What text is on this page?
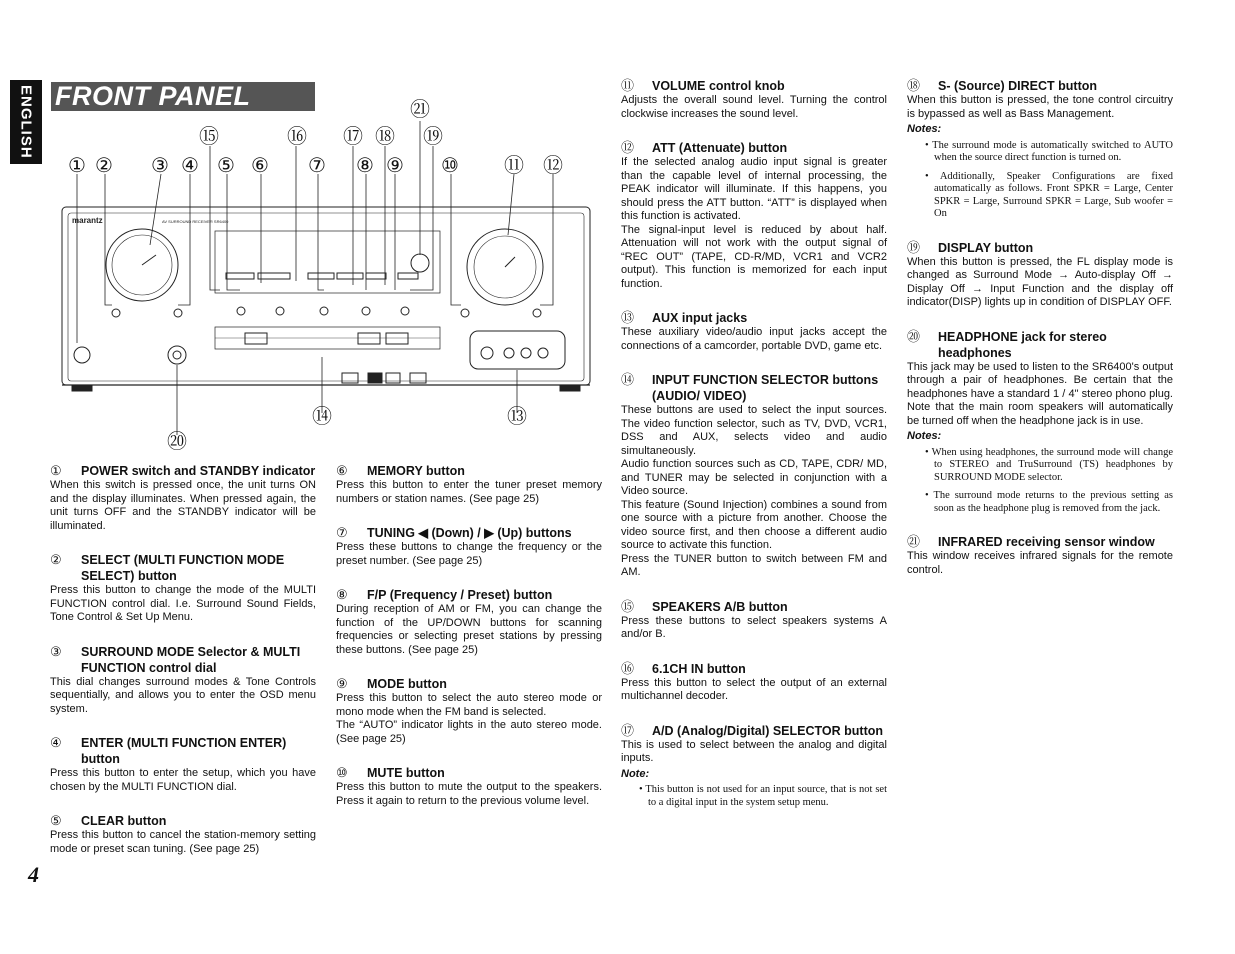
ENGLISH FRONT PANEL
marantz	AV SURROUND RECEIVER SR6400
① ② ③ ④ ⑤ ⑥ ⑦ ⑧ ⑨ ⑩ ⑪ ⑫
⑬
⑭
⑮	⑯ ⑰ ⑱ ⑲
⑳
㉑
①	POWER switch and STANDBY indicator
When this switch is pressed once, the unit turns ON and the display illuminates. When pressed again, the unit turns OFF and the STANDBY indicator will be illuminated.
②	SELECT (MULTI FUNCTION MODE SELECT) button
Press this button to change the mode of the MULTI FUNCTION control dial. I.e. Surround Sound Fields, Tone Control & Set Up Menu.
③	SURROUND MODE Selector & MULTI FUNCTION control dial
This dial changes surround modes & Tone Controls sequentially, and allows you to enter the OSD menu system.
④	ENTER (MULTI FUNCTION ENTER) button
Press this button to enter the setup, which you have chosen by the MULTI FUNCTION dial.
⑤	CLEAR button
Press this button to cancel the station-memory setting mode or preset scan tuning. (See page 25)
⑥	MEMORY button
Press this button to enter the tuner preset memory numbers or station names. (See page 25)
⑦	TUNING ◀ (Down) / ▶ (Up) buttons
Press these buttons to change the frequency or the preset number. (See page 25)
⑧	F/P (Frequency / Preset) button
During reception of AM or FM, you can change the function of the UP/DOWN buttons for scanning frequencies or selecting preset stations by pressing these buttons. (See page 25)
⑨	MODE button
Press this button to select the auto stereo mode or mono mode when the FM band is selected.
The “AUTO” indicator lights in the auto stereo mode. (See page 25)
⑩	MUTE button
Press this button to mute the output to the speakers. Press it again to return to the previous volume level.
⑪	VOLUME control knob
Adjusts the overall sound level. Turning the control clockwise increases the sound level.
⑫	ATT (Attenuate) button
If the selected analog audio input signal is greater than the capable level of internal processing, the PEAK indicator will illuminate. If this happens, you should press the ATT button. “ATT” is displayed when this function is activated.
The signal-input level is reduced by about half. Attenuation will not work with the output signal of “REC OUT” (TAPE, CD-R/MD, VCR1 and VCR2 output). This function is memorized for each input function.
⑬	AUX input jacks
These auxiliary video/audio input jacks accept the connections of a camcorder, portable DVD, game etc.
⑭	INPUT FUNCTION SELECTOR buttons (AUDIO/ VIDEO)
These buttons are used to select the input sources. The video function selector, such as TV, DVD, VCR1, DSS and AUX, selects video and audio simultaneously.
Audio function sources such as CD, TAPE, CDR/ MD, and TUNER may be selected in conjunction with a Video source.
This feature (Sound Injection) combines a sound from one source with a picture from another. Choose the video source first, and then choose a different audio source to activate this function.
Press the TUNER button to switch between FM and AM.
⑮	SPEAKERS A/B button
Press these buttons to select speakers systems A and/or B.
⑯	6.1CH IN button
Press this button to select the output of an external multichannel decoder.
⑰	A/D (Analog/Digital) SELECTOR button
This is used to select between the analog and digital inputs.
Note:
• This button is not used for an input source, that is not set to a digital input in the system setup menu.
⑱	S- (Source) DIRECT button
When this button is pressed, the tone control circuitry is bypassed as well as Bass Management.
Notes:
• The surround mode is automatically switched to AUTO when the source direct function is turned on.
• Additionally, Speaker Configurations are fixed automatically as follows. Front SPKR = Large, Center SPKR = Large, Surround SPKR = Large, Sub woofer = On
⑲	DISPLAY button
When this button is pressed, the FL display mode is changed as Surround Mode → Auto-display Off → Display Off → Input Function and the display off indicator(DISP) lights up in condition of DISPLAY OFF.
⑳	HEADPHONE jack for stereo headphones
This jack may be used to listen to the SR6400's output through a pair of headphones. Be certain that the headphones have a standard 1 / 4" stereo phono plug. Note that the main room speakers will automatically be turned off when the headphone jack is in use.
Notes:
• When using headphones, the surround mode will change to STEREO and TruSurround (TS) headphones by SURROUND MODE selector.
• The surround mode returns to the previous setting as soon as the headphone plug is removed from the jack.
㉑	INFRARED receiving sensor window
This window receives infrared signals for the remote control.
4
